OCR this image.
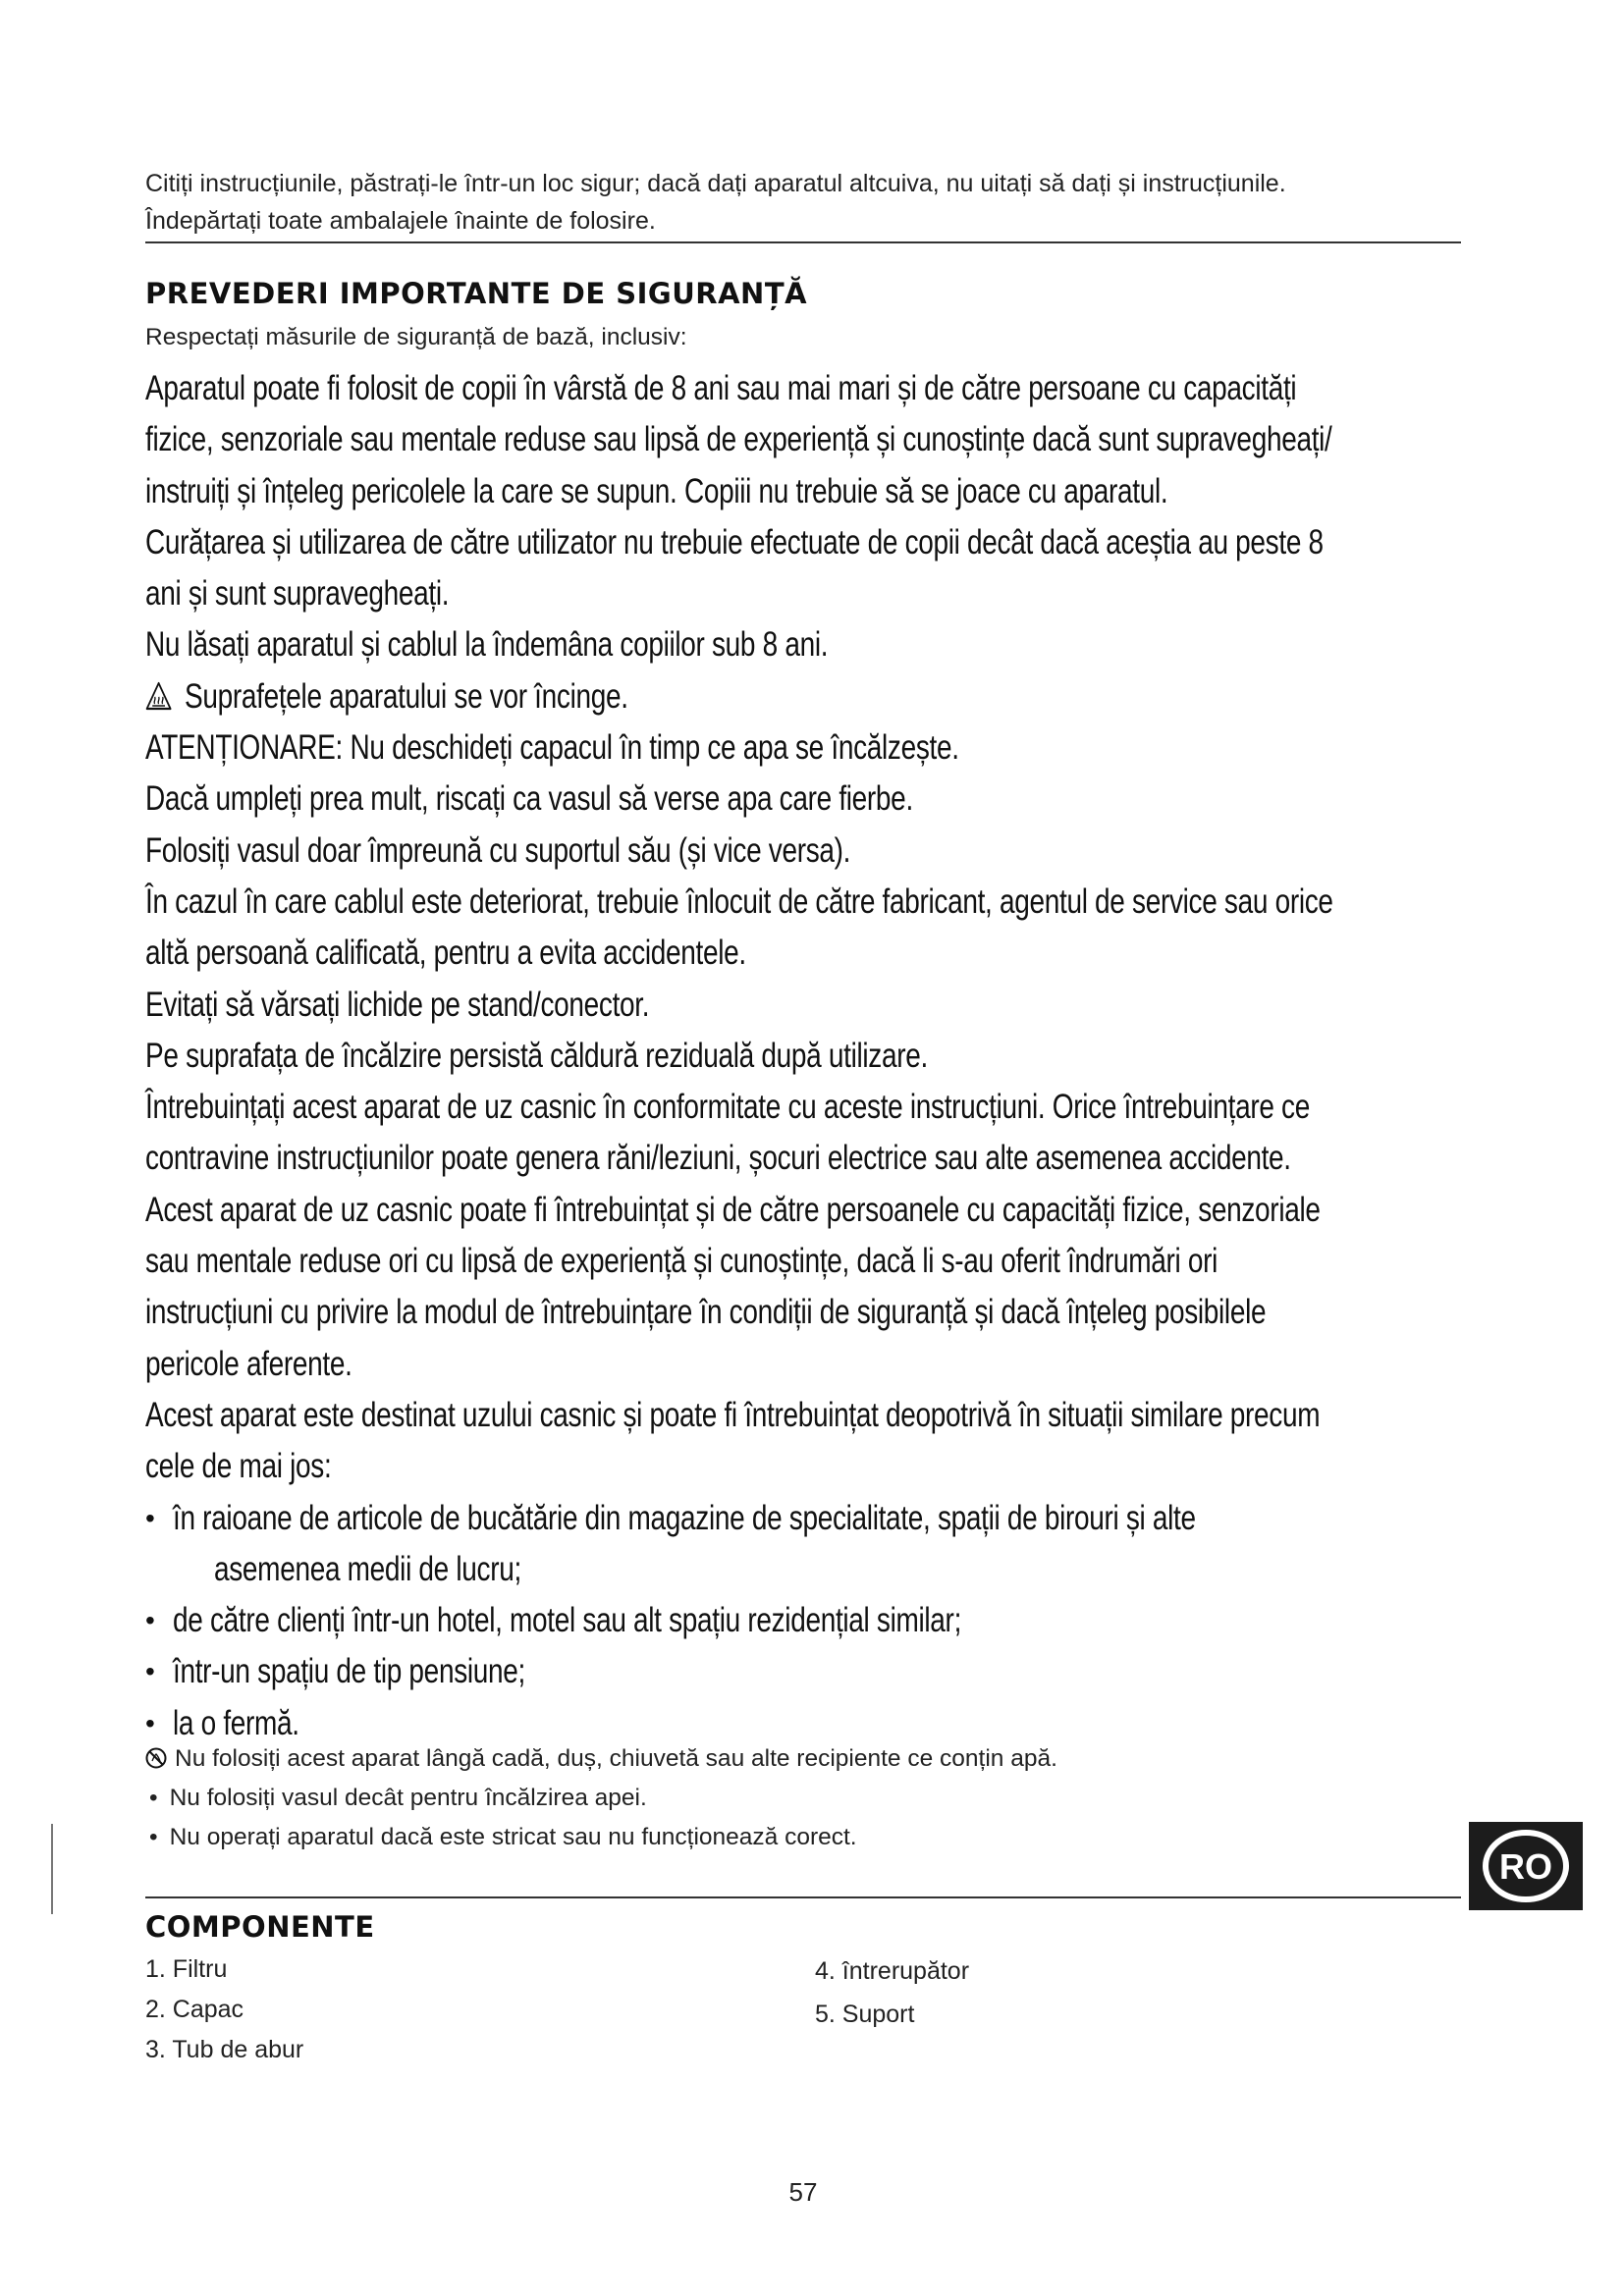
Citiți instrucțiunile, păstrați-le într-un loc sigur; dacă dați aparatul altcuiva, nu uitați să dați și instrucțiunile.

Îndepărtați toate ambalajele înainte de folosire.

PREVEDERI IMPORTANTE DE SIGURANȚĂ
Respectați măsurile de siguranță de bază, inclusiv:

Aparatul poate fi folosit de copii în vârstă de 8 ani sau mai mari și de către persoane cu capacități

fizice, senzoriale sau mentale reduse sau lipsă de experiență și cunoștințe dacă sunt supravegheați/

instruiți și înțeleg pericolele la care se supun. Copiii nu trebuie să se joace cu aparatul.

Curățarea și utilizarea de către utilizator nu trebuie efectuate de copii decât dacă aceștia au peste 8

ani și sunt supravegheați.

Nu lăsați aparatul și cablul la îndemâna copiilor sub 8 ani.

Suprafețele aparatului se vor încinge.

ATENȚIONARE: Nu deschideți capacul în timp ce apa se încălzește.

Dacă umpleți prea mult, riscați ca vasul să verse apa care fierbe.

Folosiți vasul doar împreună cu suportul său (și vice versa).

În cazul în care cablul este deteriorat, trebuie înlocuit de către fabricant, agentul de service sau orice

altă persoană calificată, pentru a evita accidentele.

Evitați să vărsați lichide pe stand/conector.

Pe suprafața de încălzire persistă căldură reziduală după utilizare.

Întrebuințați acest aparat de uz casnic în conformitate cu aceste instrucțiuni. Orice întrebuințare ce

contravine instrucțiunilor poate genera răni/leziuni, șocuri electrice sau alte asemenea accidente.

Acest aparat de uz casnic poate fi întrebuințat și de către persoanele cu capacități fizice, senzoriale

sau mentale reduse ori cu lipsă de experiență și cunoștințe, dacă li s-au oferit îndrumări ori

instrucțiuni cu privire la modul de întrebuințare în condiții de siguranță și dacă înțeleg posibilele

pericole aferente.

Acest aparat este destinat uzului casnic și poate fi întrebuințat deopotrivă în situații similare precum

cele de mai jos:

• în raioane de articole de bucătărie din magazine de specialitate, spații de birouri și alte
asemenea medii de lucru;
• de către clienți într-un hotel, motel sau alt spațiu rezidențial similar;
• într-un spațiu de tip pensiune;
• la o fermă.

Nu folosiți acest aparat lângă cadă, duș, chiuvetă sau alte recipiente ce conțin apă.

• Nu folosiți vasul decât pentru încălzirea apei.

• Nu operați aparatul dacă este stricat sau nu funcționează corect.

COMPONENTE
1. Filtru
2. Capac
3. Tub de abur
4. întrerupător
5. Suport
57
RO
